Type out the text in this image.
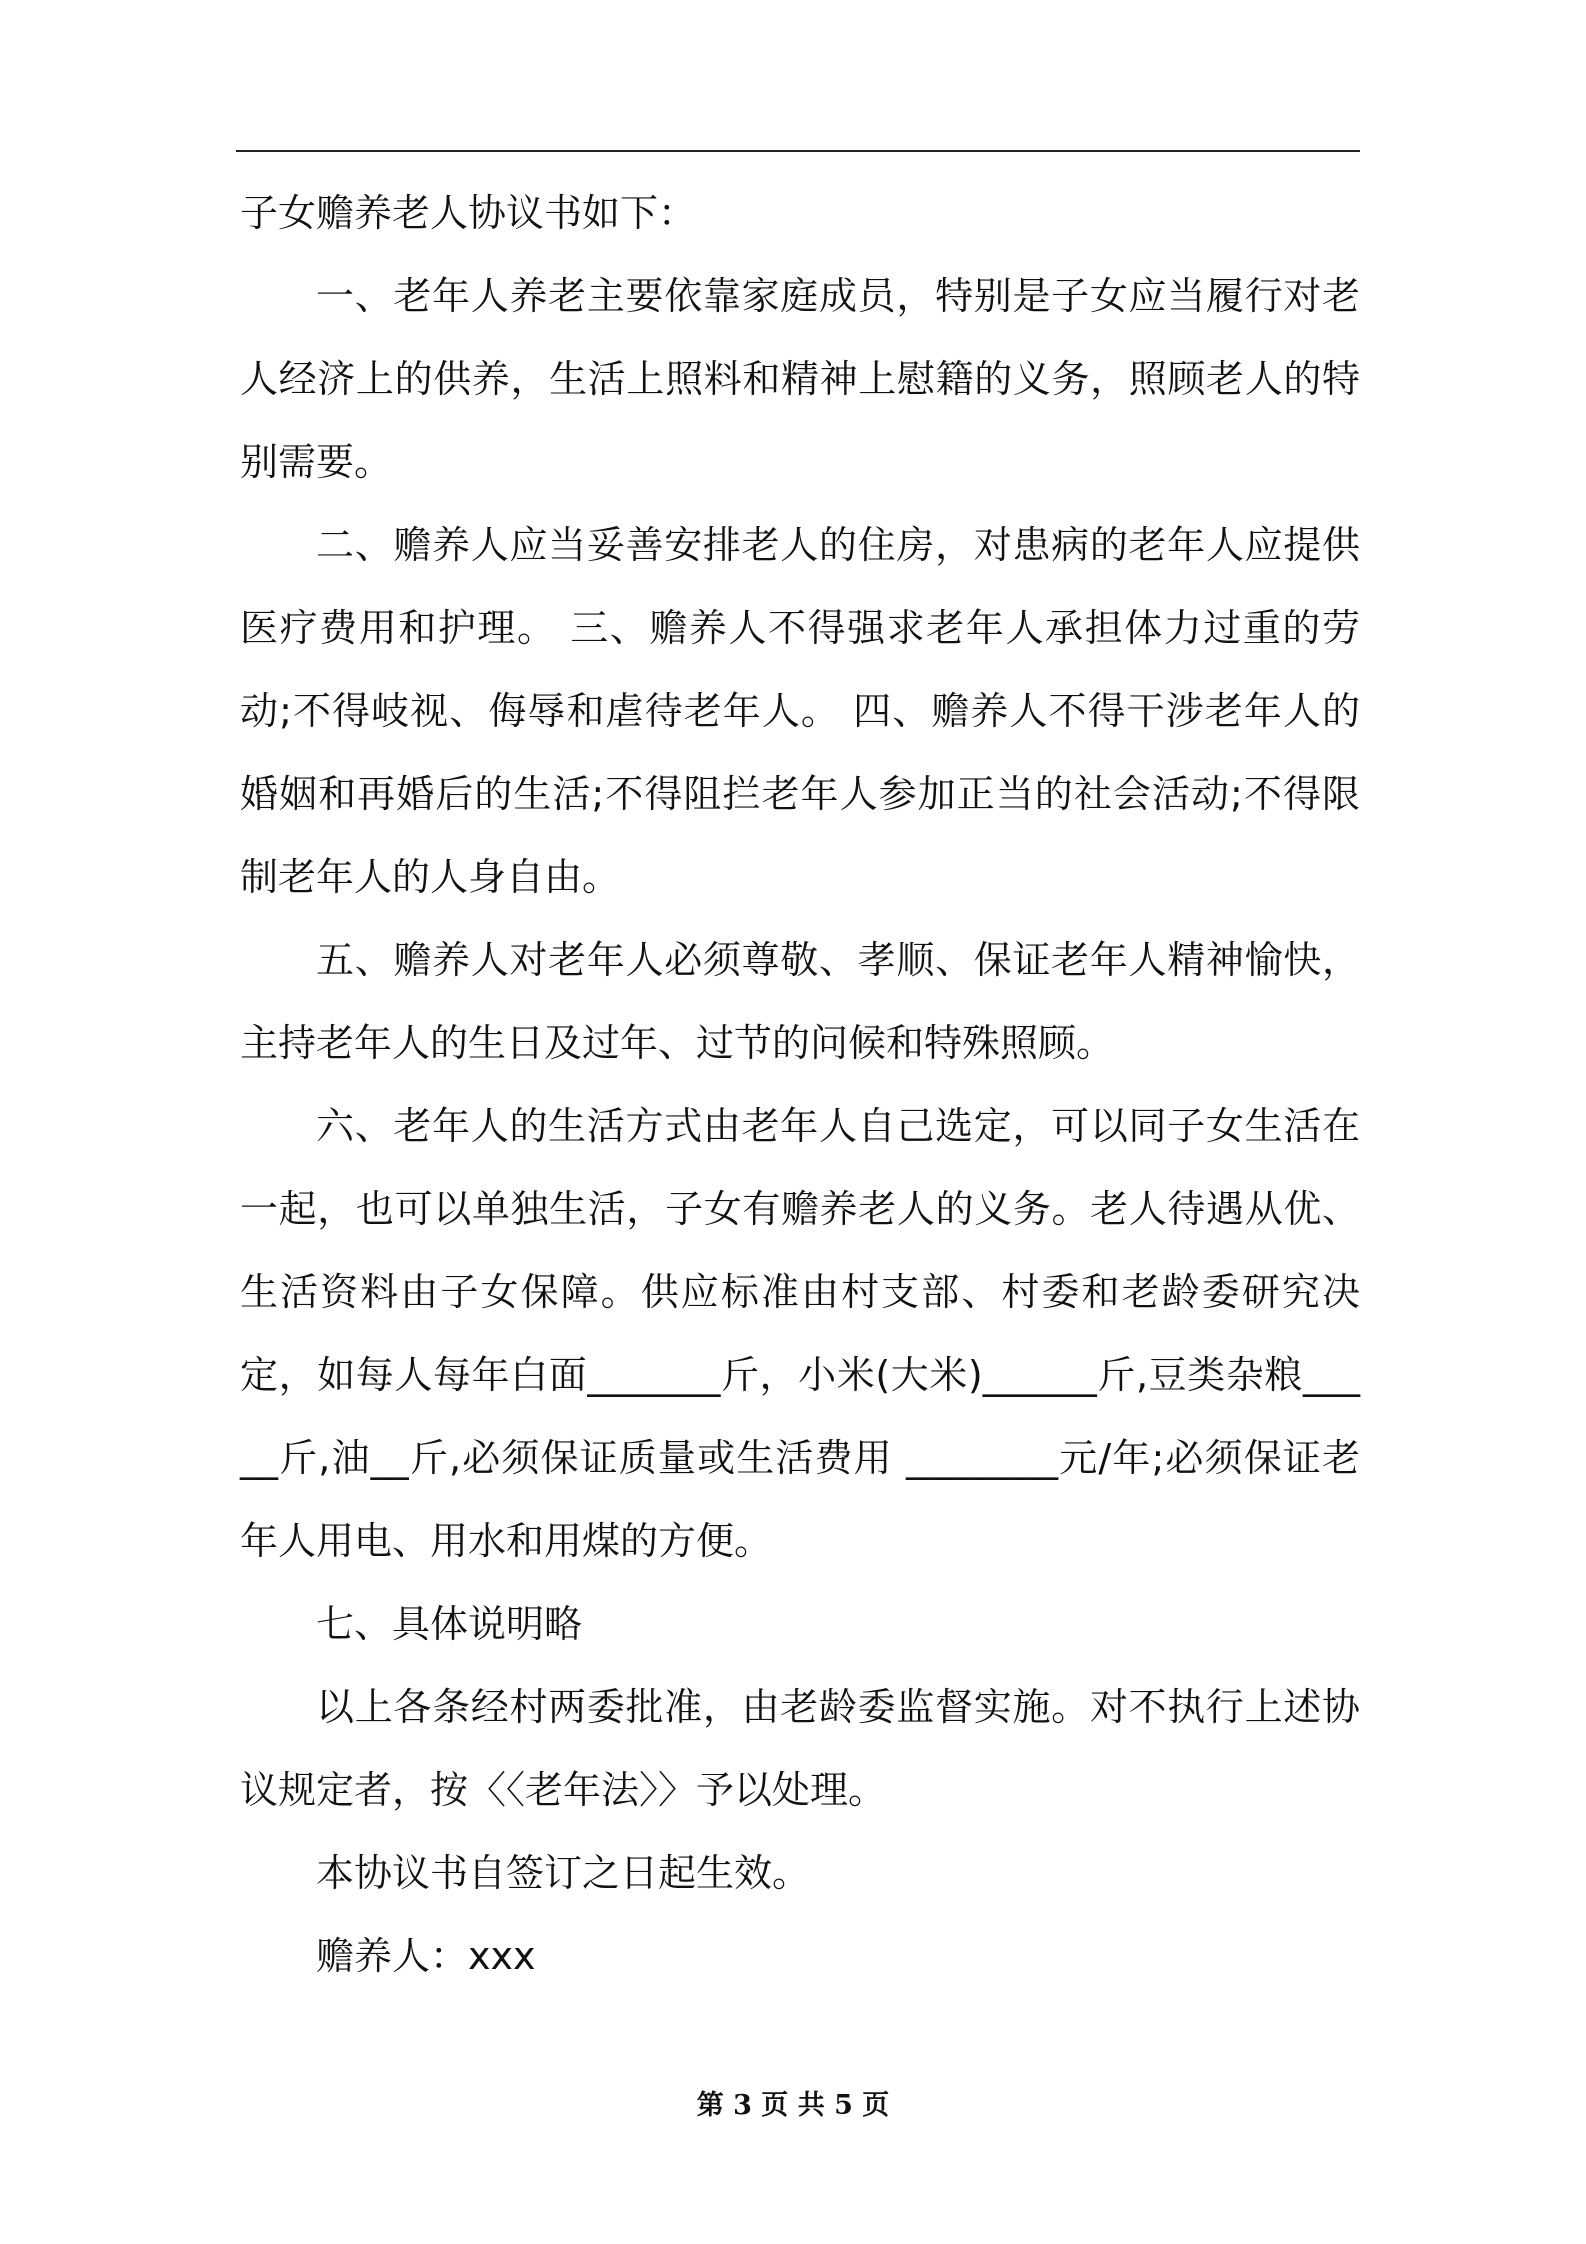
子女赡养老人协议书如下：

一、老年人养老主要依靠家庭成员，特别是子女应当履行对老人经济上的供养，生活上照料和精神上慰籍的义务，照顾老人的特别需要。

二、赡养人应当妥善安排老人的住房，对患病的老年人应提供医疗费用和护理。 三、赡养人不得强求老年人承担体力过重的劳动;不得岐视、侮辱和虐待老年人。 四、赡养人不得干涉老年人的婚姻和再婚后的生活;不得阻拦老年人参加正当的社会活动;不得限制老年人的人身自由。

五、赡养人对老年人必须尊敬、孝顺、保证老年人精神愉快，主持老年人的生日及过年、过节的问候和特殊照顾。

六、老年人的生活方式由老年人自己选定，可以同子女生活在一起，也可以单独生活，子女有赡养老人的义务。老人待遇从优、生活资料由子女保障。供应标准由村支部、村委和老龄委研究决定，如每人每年白面_______斤，小米(大米)______斤,豆类杂粮_____斤,油__斤,必须保证质量或生活费用 ________元/年;必须保证老年人用电、用水和用煤的方便。

七、具体说明略

以上各条经村两委批准，由老龄委监督实施。对不执行上述协议规定者，按〈〈老年法〉〉予以处理。

本协议书自签订之日起生效。

赡养人：xxx

第 3 页 共 5 页
